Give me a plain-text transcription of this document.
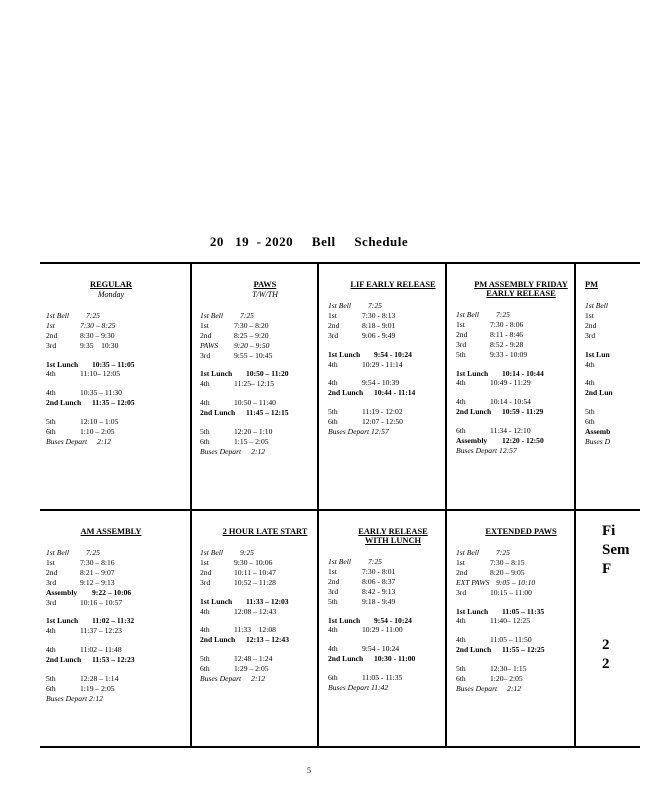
20   19  - 2020     Bell     Schedule
REGULAR
Monday
1st Bell	7:25
1st	7:30 – 8:25
2nd	8:30 – 9:30
3rd	9:35    10:30
1st Lunch	10:35 – 11:05
4th	11:10– 12:05
4th	10:35 – 11:30
2nd Lunch	11:35 – 12:05
5th	12:10 – 1:05
6th	1:10 – 2:05
Buses Depart 2:12
PAWS
T/W/TH
1st Bell	7:25
1st	7:30 – 8:20
2nd	8:25 – 9:20
PAWS	9:20 – 9:50
3rd	9:55 – 10:45
1st Lunch	10:50 – 11:20
4th	11:25– 12:15
4th	10:50 – 11:40
2nd Lunch	11:45 – 12:15
5th	12:20 – 1:10
6th	1:15 – 2:05
Buses Depart 2:12
LIF EARLY RELEASE
1st Bell	7:25
1st	7:30 - 8:13
2nd	8:18 - 9:01
3rd	9:06 - 9:49
1st Lunch	9:54 - 10:24
4th	10:29 - 11:14
4th	9:54 - 10:39
2nd Lunch	10:44 - 11:14
5th	11:19 - 12:02
6th	12:07 - 12:50
Buses Depart 12:57
PM ASSEMBLY FRIDAY
EARLY RELEASE
1st Bell	7:25
1st	7:30 - 8:06
2nd	8:11 - 8:46
3rd	8:52 - 9:28
5th	9:33 - 10:09
1st Lunch	10:14 - 10:44
4th	10:49 - 11:29
4th	10:14 - 10:54
2nd Lunch	10:59 - 11:29
6th	11:34 - 12:10
Assembly	12:20 - 12:50
Buses Depart 12:57
PM
1st Bell
1st
2nd
3rd
1st Lun
4th
4th
2nd Lun
5th
6th
Assemb
Buses D
AM ASSEMBLY
1st Bell	7:25
1st	7:30 – 8:16
2nd	8:21 – 9:07
3rd	9:12 – 9:13
Assembly	9:22 – 10:06
3rd	10:16 – 10:57
1st Lunch	11:02 – 11:32
4th	11:37 – 12:23
4th	11:02 – 11:48
2nd Lunch	11:53 – 12:23
5th	12:28 – 1:14
6th	1:19 – 2:05
Buses Depart 2:12
2 HOUR LATE START
1st Bell	9:25
1st	9:30 – 10:06
2nd	10:11 – 10:47
3rd	10:52 – 11:28
1st Lunch	11:33 – 12:03
4th	12:08 – 12:43
4th	11:33    12:08
2nd Lunch	12:13 – 12:43
5th	12:48 – 1:24
6th	1:29 – 2:05
Buses Depart 2:12
EARLY RELEASE
WITH LUNCH
1st Bell	7:25
1st	7:30 - 8:01
2nd	8:06 - 8:37
3rd	8:42 - 9:13
5th	9:18 - 9:49
1st Lunch	9:54 - 10:24
4th	10:29 - 11:00
4th	9:54 - 10:24
2nd Lunch	10:30 - 11:00
6th	11:05 - 11:35
Buses Depart 11:42
EXTENDED PAWS
1st Bell	7:25
1st	7:30 – 8:15
2nd	8:20 – 9:05
EXT PAWS 9:05 – 10:10
3rd	10:15 – 11:00
1st Lunch	11:05 – 11:35
4th	11:40– 12:25
4th	11:05 – 11:50
2nd Lunch	11:55 – 12:25
5th	12:30– 1:15
6th	1:20– 2:05
Buses Depart 2:12
Fi
Sem
F

2
2
5
